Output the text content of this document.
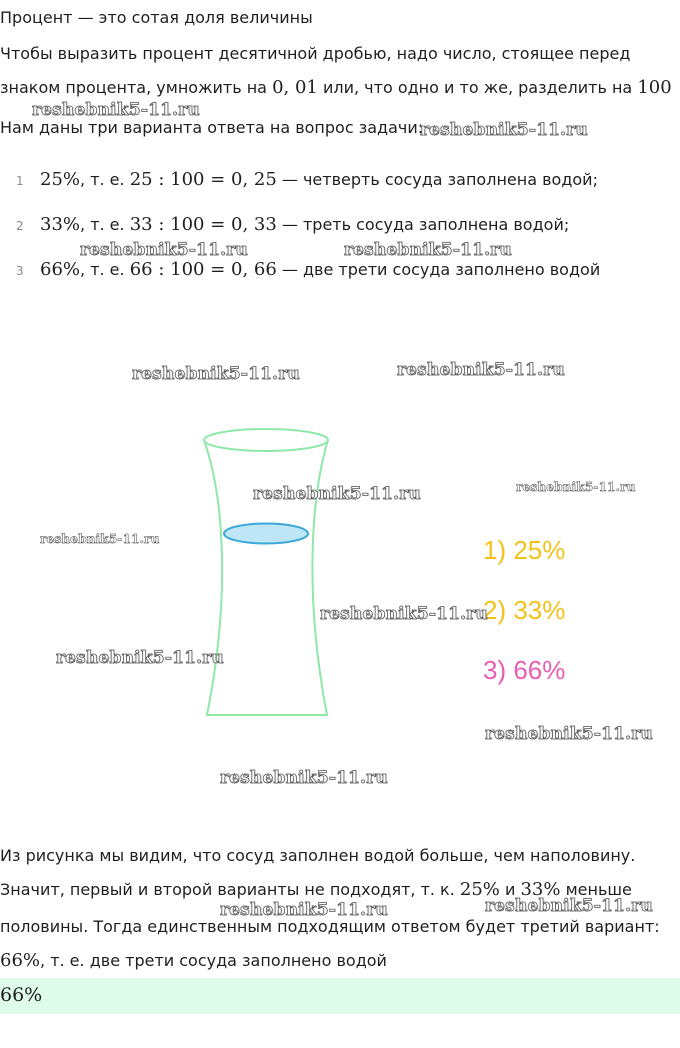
Процент — это сотая доля величины
Чтобы выразить процент десятичной дробью, надо число, стоящее перед
знаком процента, умножить на 0, 01 или, что одно и то же, разделить на 100
Нам даны три варианта ответа на вопрос задачи:
1 25%, т. е. 25 : 100 = 0, 25 — четверть сосуда заполнена водой;
2 33%, т. е. 33 : 100 = 0, 33 — треть сосуда заполнена водой;
3 66%, т. е. 66 : 100 = 0, 66 — две трети сосуда заполнено водой
1) 25%
2) 33%
3) 66%
Из рисунка мы видим, что сосуд заполнен водой больше, чем наполовину.
Значит, первый и второй варианты не подходят, т. к. 25% и 33% меньше
половины. Тогда единственным подходящим ответом будет третий вариант:
66%, т. е. две трети сосуда заполнено водой
66%
reshebnik5-11.ru
reshebnik5-11.ru
reshebnik5-11.ru	reshebnik5-11.ru
reshebnik5-11.ru	reshebnik5-11.ru
reshebnik5-11.ru	reshebnik5-11.ru
reshebnik5-11.ru
reshebnik5-11.ru
reshebnik5-11.ru
reshebnik5-11.ru
reshebnik5-11.ru
reshebnik5-11.ru	reshebnik5-11.ru
